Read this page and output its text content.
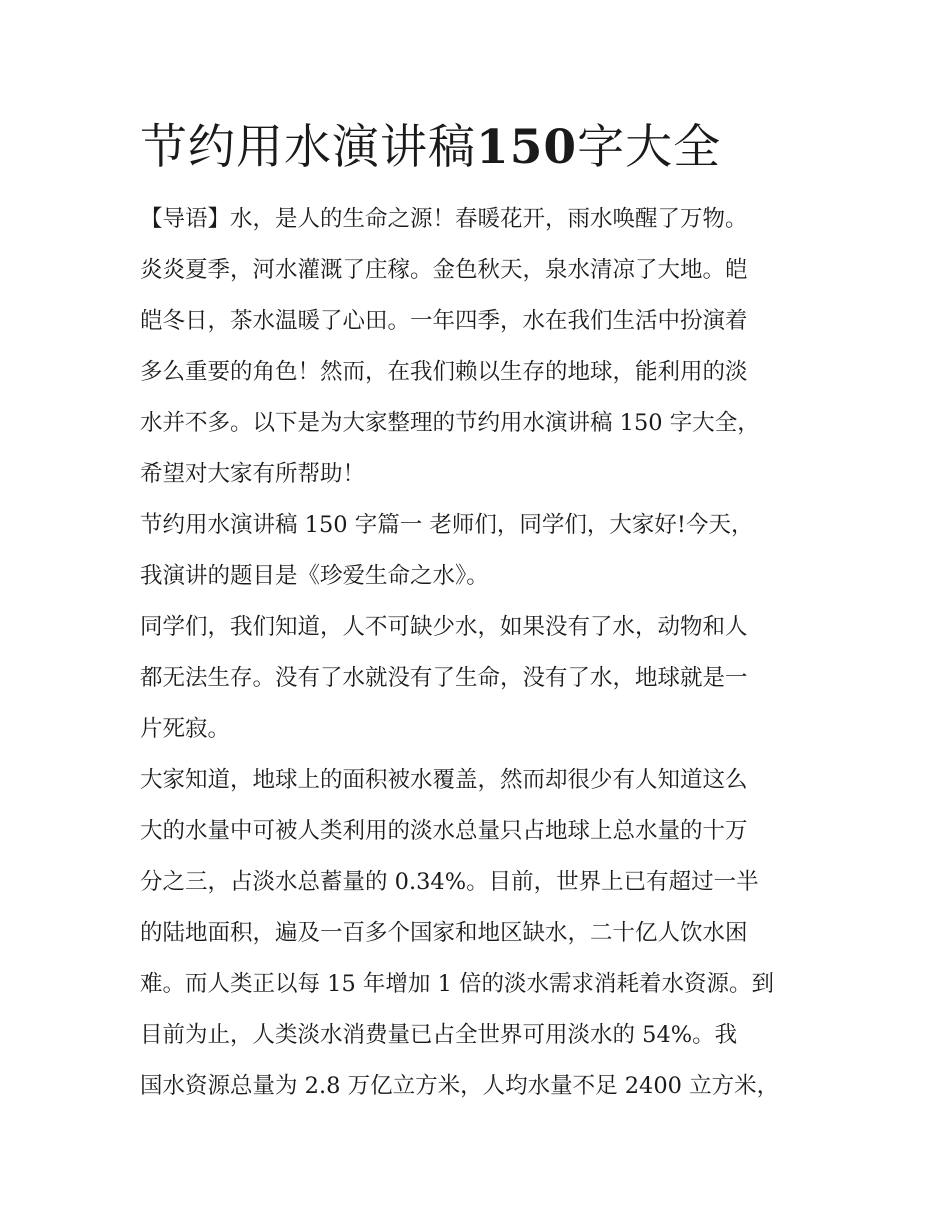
节约用水演讲稿150字大全

【导语】水，是人的生命之源！春暖花开，雨水唤醒了万物。
炎炎夏季，河水灌溉了庄稼。金色秋天，泉水清凉了大地。皑
皑冬日，茶水温暖了心田。一年四季，水在我们生活中扮演着
多么重要的角色！然而，在我们赖以生存的地球，能利用的淡
水并不多。以下是为大家整理的节约用水演讲稿 150 字大全，
希望对大家有所帮助！

节约用水演讲稿 150 字篇一 老师们，同学们，大家好!今天，
我演讲的题目是《珍爱生命之水》。

同学们，我们知道，人不可缺少水，如果没有了水，动物和人
都无法生存。没有了水就没有了生命，没有了水，地球就是一
片死寂。

大家知道，地球上的面积被水覆盖，然而却很少有人知道这么
大的水量中可被人类利用的淡水总量只占地球上总水量的十万
分之三，占淡水总蓄量的 0.34%。目前，世界上已有超过一半
的陆地面积，遍及一百多个国家和地区缺水，二十亿人饮水困
难。而人类正以每 15 年增加 1 倍的淡水需求消耗着水资源。到
目前为止，人类淡水消费量已占全世界可用淡水的 54%。我
国水资源总量为 2.8 万亿立方米，人均水量不足 2400 立方米，
